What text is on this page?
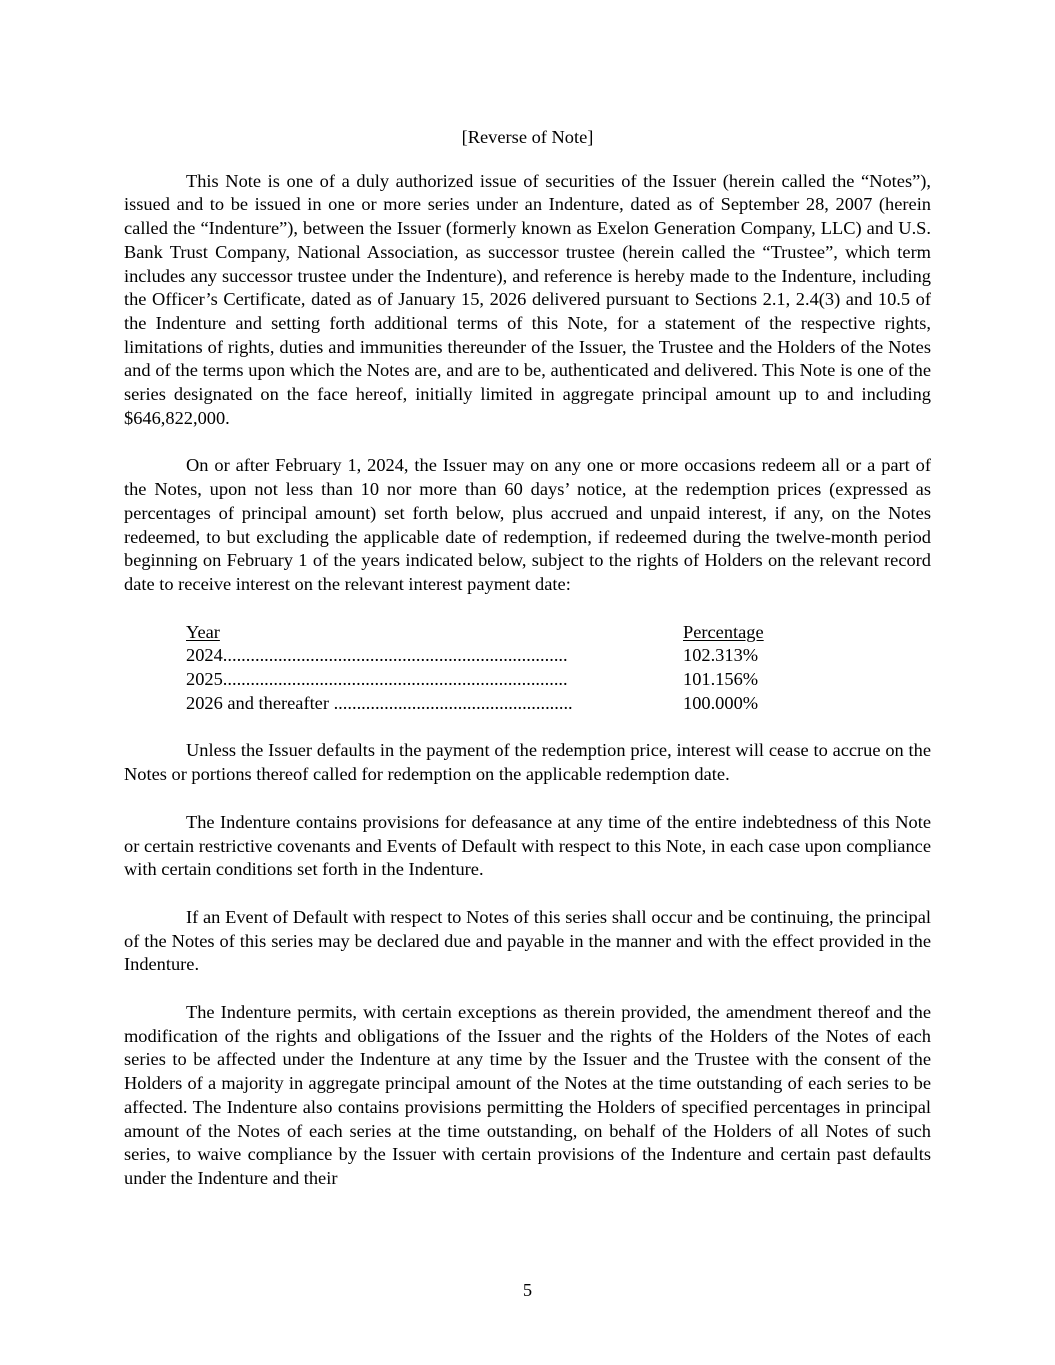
[Reverse of Note]

This Note is one of a duly authorized issue of securities of the Issuer (herein called the “Notes”), issued and to be issued in one or more series under an Indenture, dated as of September 28, 2007 (herein called the “Indenture”), between the Issuer (formerly known as Exelon Generation Company, LLC) and U.S. Bank Trust Company, National Association, as successor trustee (herein called the “Trustee”, which term includes any successor trustee under the Indenture), and reference is hereby made to the Indenture, including the Officer’s Certificate, dated as of January 15, 2026 delivered pursuant to Sections 2.1, 2.4(3) and 10.5 of the Indenture and setting forth additional terms of this Note, for a statement of the respective rights, limitations of rights, duties and immunities thereunder of the Issuer, the Trustee and the Holders of the Notes and of the terms upon which the Notes are, and are to be, authenticated and delivered. This Note is one of the series designated on the face hereof, initially limited in aggregate principal amount up to and including $646,822,000.

On or after February 1, 2024, the Issuer may on any one or more occasions redeem all or a part of the Notes, upon not less than 10 nor more than 60 days’ notice, at the redemption prices (expressed as percentages of principal amount) set forth below, plus accrued and unpaid interest, if any, on the Notes redeemed, to but excluding the applicable date of redemption, if redeemed during the twelve-month period beginning on February 1 of the years indicated below, subject to the rights of Holders on the relevant record date to receive interest on the relevant interest payment date:

Year	Percentage
2024...........................................................................	102.313%
2025...........................................................................	101.156%
2026 and thereafter ....................................................	100.000%

Unless the Issuer defaults in the payment of the redemption price, interest will cease to accrue on the Notes or portions thereof called for redemption on the applicable redemption date.

The Indenture contains provisions for defeasance at any time of the entire indebtedness of this Note or certain restrictive covenants and Events of Default with respect to this Note, in each case upon compliance with certain conditions set forth in the Indenture.

If an Event of Default with respect to Notes of this series shall occur and be continuing, the principal of the Notes of this series may be declared due and payable in the manner and with the effect provided in the Indenture.

The Indenture permits, with certain exceptions as therein provided, the amendment thereof and the modification of the rights and obligations of the Issuer and the rights of the Holders of the Notes of each series to be affected under the Indenture at any time by the Issuer and the Trustee with the consent of the Holders of a majority in aggregate principal amount of the Notes at the time outstanding of each series to be affected. The Indenture also contains provisions permitting the Holders of specified percentages in principal amount of the Notes of each series at the time outstanding, on behalf of the Holders of all Notes of such series, to waive compliance by the Issuer with certain provisions of the Indenture and certain past defaults under the Indenture and their

5
